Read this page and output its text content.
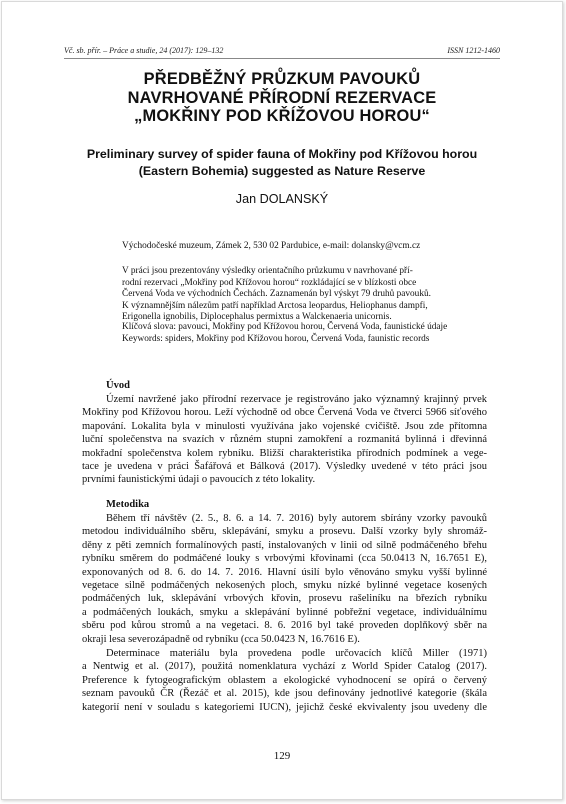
Vč. sb. přír. – Práce a studie, 24 (2017): 129–132	ISSN 1212-1460
PŘEDBĚŽNÝ PRŮZKUM PAVOUKŮ
NAVRHOVANÉ PŘÍRODNÍ REZERVACE
„MOKŘINY POD KŘÍŽOVOU HOROU“
Preliminary survey of spider fauna of Mokřiny pod Křížovou horou
(Eastern Bohemia) suggested as Nature Reserve
Jan DOLANSKÝ
Východočeské muzeum, Zámek 2, 530 02 Pardubice, e-mail: dolansky@vcm.cz
V práci jsou prezentovány výsledky orientačního průzkumu v navrhované pří-
rodní rezervaci „Mokřiny pod Křížovou horou“ rozkládající se v blízkosti obce
Červená Voda ve východních Čechách. Zaznamenán byl výskyt 79 druhů pavouků.
K významnějším nálezům patří například Arctosa leopardus, Heliophanus dampfi,
Erigonella ignobilis, Diplocephalus permixtus a Walckenaeria unicornis.
Klíčová slova: pavouci, Mokřiny pod Křížovou horou, Červená Voda, faunistické údaje
Keywords: spiders, Mokřiny pod Křížovou horou, Červená Voda, faunistic records
Úvod
Území navržené jako přírodní rezervace je registrováno jako významný krajinný prvek
Mokřiny pod Křížovou horou. Leží východně od obce Červená Voda ve čtverci 5966 síťového
mapování. Lokalita byla v minulosti využívána jako vojenské cvičiště. Jsou zde přítomna
luční společenstva na svazích v různém stupni zamokření a rozmanitá bylinná i dřevinná
mokřadní společenstva kolem rybníku. Bližší charakteristika přírodních podmínek a vege-
tace je uvedena v práci Šafářová et Bálková (2017). Výsledky uvedené v této práci jsou
prvními faunistickými údaji o pavoucích z této lokality.
Metodika
Během tří návštěv (2. 5., 8. 6. a 14. 7. 2016) byly autorem sbírány vzorky pavouků
metodou individuálního sběru, sklepávání, smyku a prosevu. Další vzorky byly shromáž-
děny z pěti zemních formalínových pastí, instalovaných v linii od silně podmáčeného břehu
rybníku směrem do podmáčené louky s vrbovými křovinami (cca 50.0413 N, 16.7651 E),
exponovaných od 8. 6. do 14. 7. 2016. Hlavní úsilí bylo věnováno smyku vyšší bylinné
vegetace silně podmáčených nekosených ploch, smyku nízké bylinné vegetace kosených
podmáčených luk, sklepávání vrbových křovin, prosevu rašeliníku na březích rybníku
a podmáčených loukách, smyku a sklepávání bylinné pobřežní vegetace, individuálnímu
sběru pod kůrou stromů a na vegetaci. 8. 6. 2016 byl také proveden doplňkový sběr na
okraji lesa severozápadně od rybníku (cca 50.0423 N, 16.7616 E).
Determinace materiálu byla provedena podle určovacích klíčů Miller (1971)
a Nentwig et al. (2017), použitá nomenklatura vychází z World Spider Catalog (2017).
Preference k fytogeografickým oblastem a ekologické vyhodnocení se opírá o červený
seznam pavouků ČR (Řezáč et al. 2015), kde jsou definovány jednotlivé kategorie (škála
kategorií není v souladu s kategoriemi IUCN), jejichž české ekvivalenty jsou uvedeny dle
129
